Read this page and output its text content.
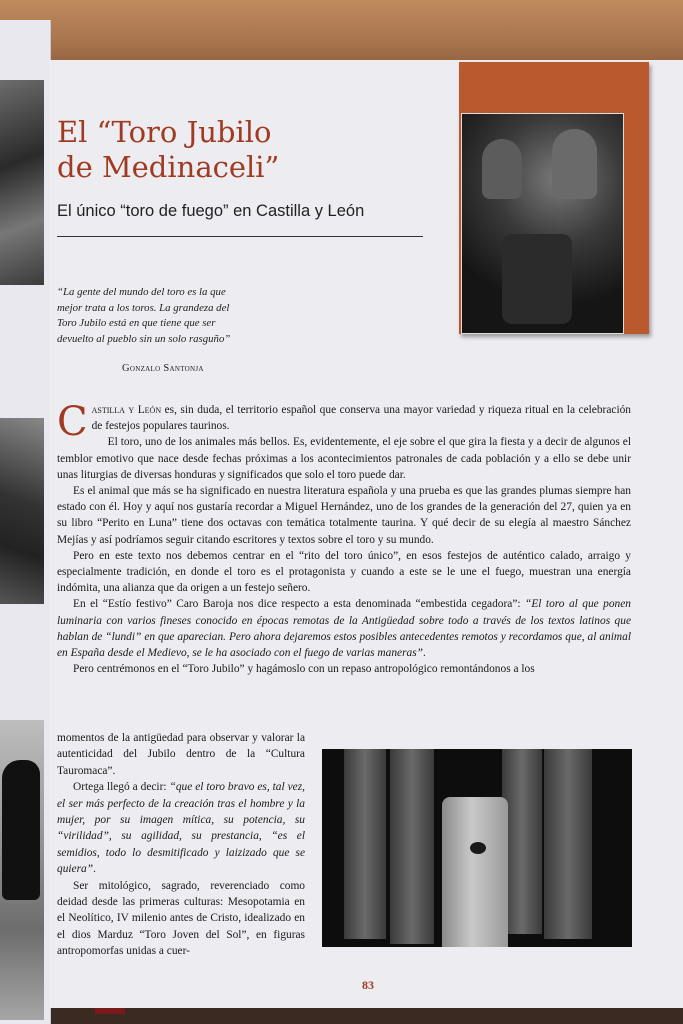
El “Toro Jubilo
de Medinaceli”
El único “toro de fuego” en Castilla y León
“La gente del mundo del toro es la que mejor trata a los toros. La grandeza del Toro Jubilo está en que tiene que ser devuelto al pueblo sin un solo rasguño”
Gonzalo Santonja

Castilla y León es, sin duda, el territorio español que conserva una mayor variedad y riqueza ritual en la celebración de festejos populares taurinos.

El toro, uno de los animales más bellos. Es, evidentemente, el eje sobre el que gira la fiesta y a decir de algunos el temblor emotivo que nace desde fechas próximas a los acontecimientos patronales de cada población y a ello se debe unir unas liturgias de diversas honduras y significados que solo el toro puede dar.

Es el animal que más se ha significado en nuestra literatura española y una prueba es que las grandes plumas siempre han estado con él. Hoy y aquí nos gustaría recordar a Miguel Hernández, uno de los grandes de la generación del 27, quien ya en su libro “Perito en Luna” tiene dos octavas con temática totalmente taurina. Y qué decir de su elegía al maestro Sánchez Mejías y así podríamos seguir citando escritores y textos sobre el toro y su mundo.

Pero en este texto nos debemos centrar en el “rito del toro único”, en esos festejos de auténtico calado, arraigo y especialmente tradición, en donde el toro es el protagonista y cuando a este se le une el fuego, muestran una energía indómita, una alianza que da origen a un festejo señero.

En el “Estío festivo” Caro Baroja nos dice respecto a esta denominada “embestida cegadora”: “El toro al que ponen luminaria con varios fineses conocido en épocas remotas de la Antigüedad sobre todo a través de los textos latinos que hablan de “lundi” en que aparecian. Pero ahora dejaremos estos posibles antecedentes remotos y recordamos que, al animal en España desde el Medievo, se le ha asociado con el fuego de varias maneras”.

Pero centrémonos en el “Toro Jubilo” y hagámoslo con un repaso antropológico remontándonos a los

momentos de la antigüedad para observar y valorar la autenticidad del Jubilo dentro de la “Cultura Tauromaca”.

Ortega llegó a decir: “que el toro bravo es, tal vez, el ser más perfecto de la creación tras el hombre y la mujer, por su imagen mítica, su potencia, su “virilidad”, su agilidad, su prestancia, “es el semidios, todo lo desmitificado y laizizado que se quiera”.

Ser mitológico, sagrado, reverenciado como deidad desde las primeras culturas: Mesopotamia en el Neolítico, IV milenio antes de Cristo, idealizado en el dios Marduz “Toro Joven del Sol”, en figuras antropomorfas unidas a cuer-

83
